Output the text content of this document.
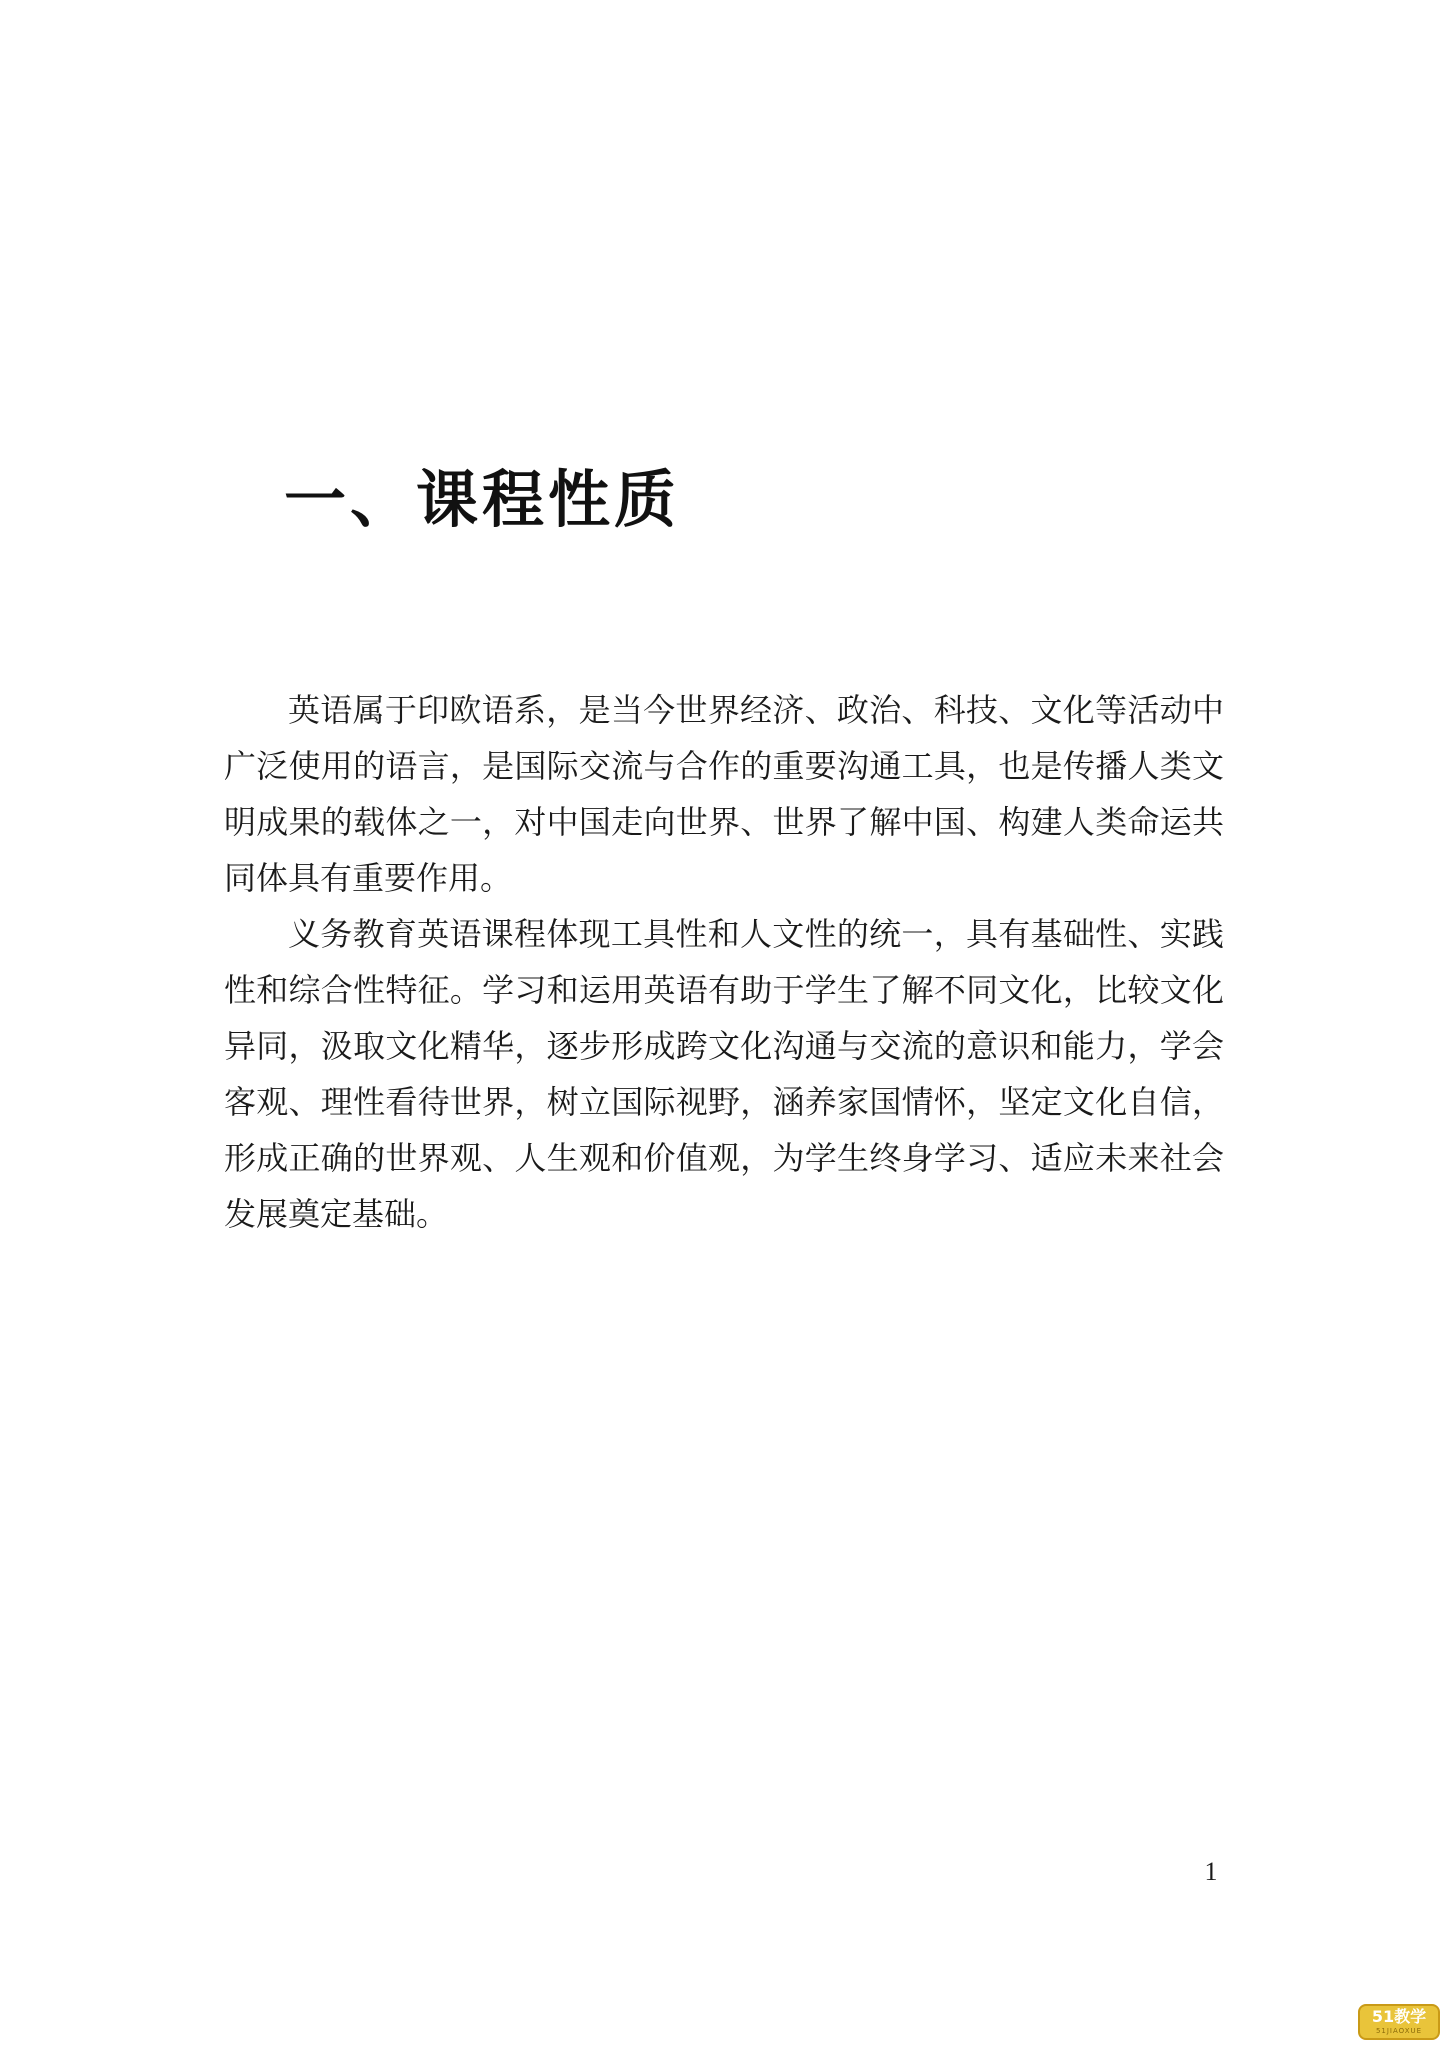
一、课程性质

英语属于印欧语系，是当今世界经济、政治、科技、文化等活动中广泛使用的语言，是国际交流与合作的重要沟通工具，也是传播人类文明成果的载体之一，对中国走向世界、世界了解中国、构建人类命运共同体具有重要作用。

义务教育英语课程体现工具性和人文性的统一，具有基础性、实践性和综合性特征。学习和运用英语有助于学生了解不同文化，比较文化异同，汲取文化精华，逐步形成跨文化沟通与交流的意识和能力，学会客观、理性看待世界，树立国际视野，涵养家国情怀，坚定文化自信，形成正确的世界观、人生观和价值观，为学生终身学习、适应未来社会发展奠定基础。

1
51教学
51JIAOXUE
